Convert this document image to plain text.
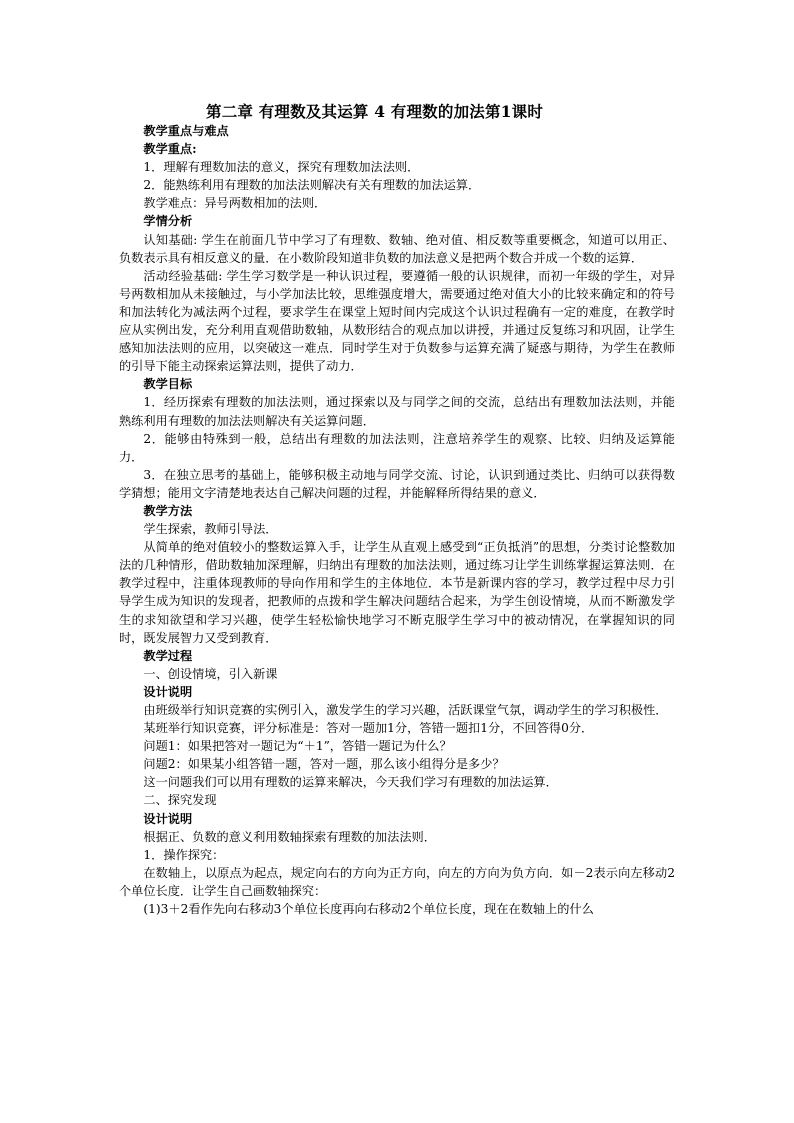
第二章 有理数及其运算 4 有理数的加法第1课时

教学重点与难点

教学重点:

1．理解有理数加法的意义，探究有理数加法法则．

2．能熟练利用有理数的加法法则解决有关有理数的加法运算．

教学难点：异号两数相加的法则．

学情分析

认知基础: 学生在前面几节中学习了有理数、数轴、绝对值、相反数等重要概念，知道可以用正、负数表示具有相反意义的量．在小数阶段知道非负数的加法意义是把两个数合并成一个数的运算．

活动经验基础: 学生学习数学是一种认识过程，要遵循一般的认识规律，而初一年级的学生，对异号两数相加从未接触过，与小学加法比较，思维强度增大，需要通过绝对值大小的比较来确定和的符号和加法转化为减法两个过程，要求学生在课堂上短时间内完成这个认识过程确有一定的难度，在教学时应从实例出发，充分利用直观借助数轴，从数形结合的观点加以讲授，并通过反复练习和巩固，让学生感知加法法则的应用，以突破这一难点．同时学生对于负数参与运算充满了疑惑与期待，为学生在教师的引导下能主动探索运算法则，提供了动力．

教学目标

1．经历探索有理数的加法法则，通过探索以及与同学之间的交流，总结出有理数加法法则，并能熟练利用有理数的加法法则解决有关运算问题．

2．能够由特殊到一般，总结出有理数的加法法则，注意培养学生的观察、比较、归纳及运算能力．

3．在独立思考的基础上，能够积极主动地与同学交流、讨论，认识到通过类比、归纳可以获得数学猜想；能用文字清楚地表达自己解决问题的过程，并能解释所得结果的意义．

教学方法

学生探索，教师引导法．

从简单的绝对值较小的整数运算入手，让学生从直观上感受到“正负抵消”的思想，分类讨论整数加法的几种情形，借助数轴加深理解，归纳出有理数的加法法则，通过练习让学生训练掌握运算法则．在教学过程中，注重体现教师的导向作用和学生的主体地位．本节是新课内容的学习，教学过程中尽力引导学生成为知识的发现者，把教师的点拨和学生解决问题结合起来，为学生创设情境，从而不断激发学生的求知欲望和学习兴趣，使学生轻松愉快地学习不断克服学生学习中的被动情况，在掌握知识的同时，既发展智力又受到教育．

教学过程

一、创设情境，引入新课

设计说明

由班级举行知识竞赛的实例引入，激发学生的学习兴趣，活跃课堂气氛，调动学生的学习积极性．

某班举行知识竞赛，评分标准是：答对一题加1分，答错一题扣1分，不回答得0分．

问题1：如果把答对一题记为“＋1”，答错一题记为什么？

问题2：如果某小组答错一题，答对一题，那么该小组得分是多少？

这一问题我们可以用有理数的运算来解决，今天我们学习有理数的加法运算．

二、探究发现

设计说明

根据正、负数的意义利用数轴探索有理数的加法法则．

1．操作探究：

在数轴上，以原点为起点，规定向右的方向为正方向，向左的方向为负方向．如－2表示向左移动2个单位长度．让学生自己画数轴探究：

(1)3＋2看作先向右移动3个单位长度再向右移动2个单位长度，现在在数轴上的什么
